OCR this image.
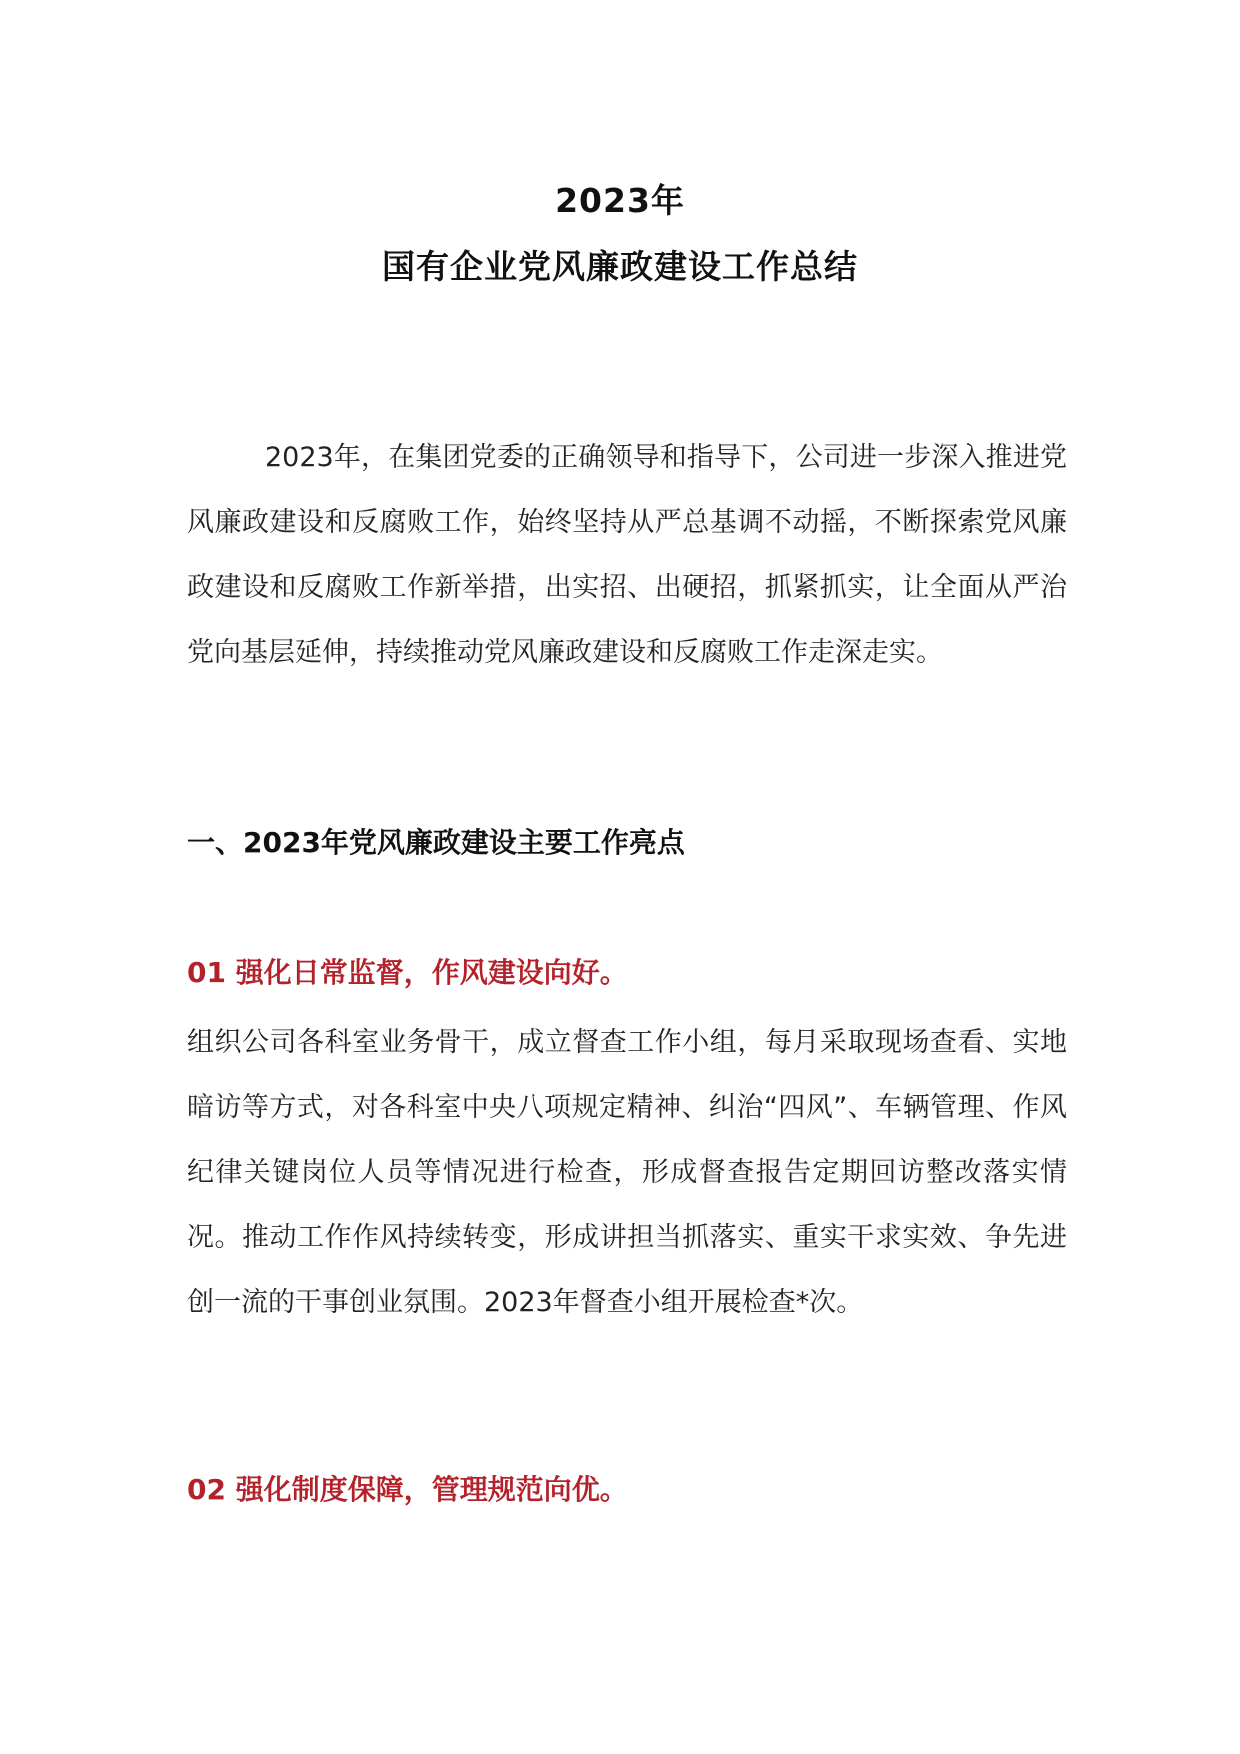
2023年
国有企业党风廉政建设工作总结

2023年，在集团党委的正确领导和指导下，公司进一步深入推进党风廉政建设和反腐败工作，始终坚持从严总基调不动摇，不断探索党风廉政建设和反腐败工作新举措，出实招、出硬招，抓紧抓实，让全面从严治党向基层延伸，持续推动党风廉政建设和反腐败工作走深走实。

一、2023年党风廉政建设主要工作亮点

01 强化日常监督，作风建设向好。

组织公司各科室业务骨干，成立督查工作小组，每月采取现场查看、实地暗访等方式，对各科室中央八项规定精神、纠治“四风”、车辆管理、作风纪律关键岗位人员等情况进行检查，形成督查报告定期回访整改落实情况。推动工作作风持续转变，形成讲担当抓落实、重实干求实效、争先进创一流的干事创业氛围。2023年督查小组开展检查*次。

02 强化制度保障，管理规范向优。
